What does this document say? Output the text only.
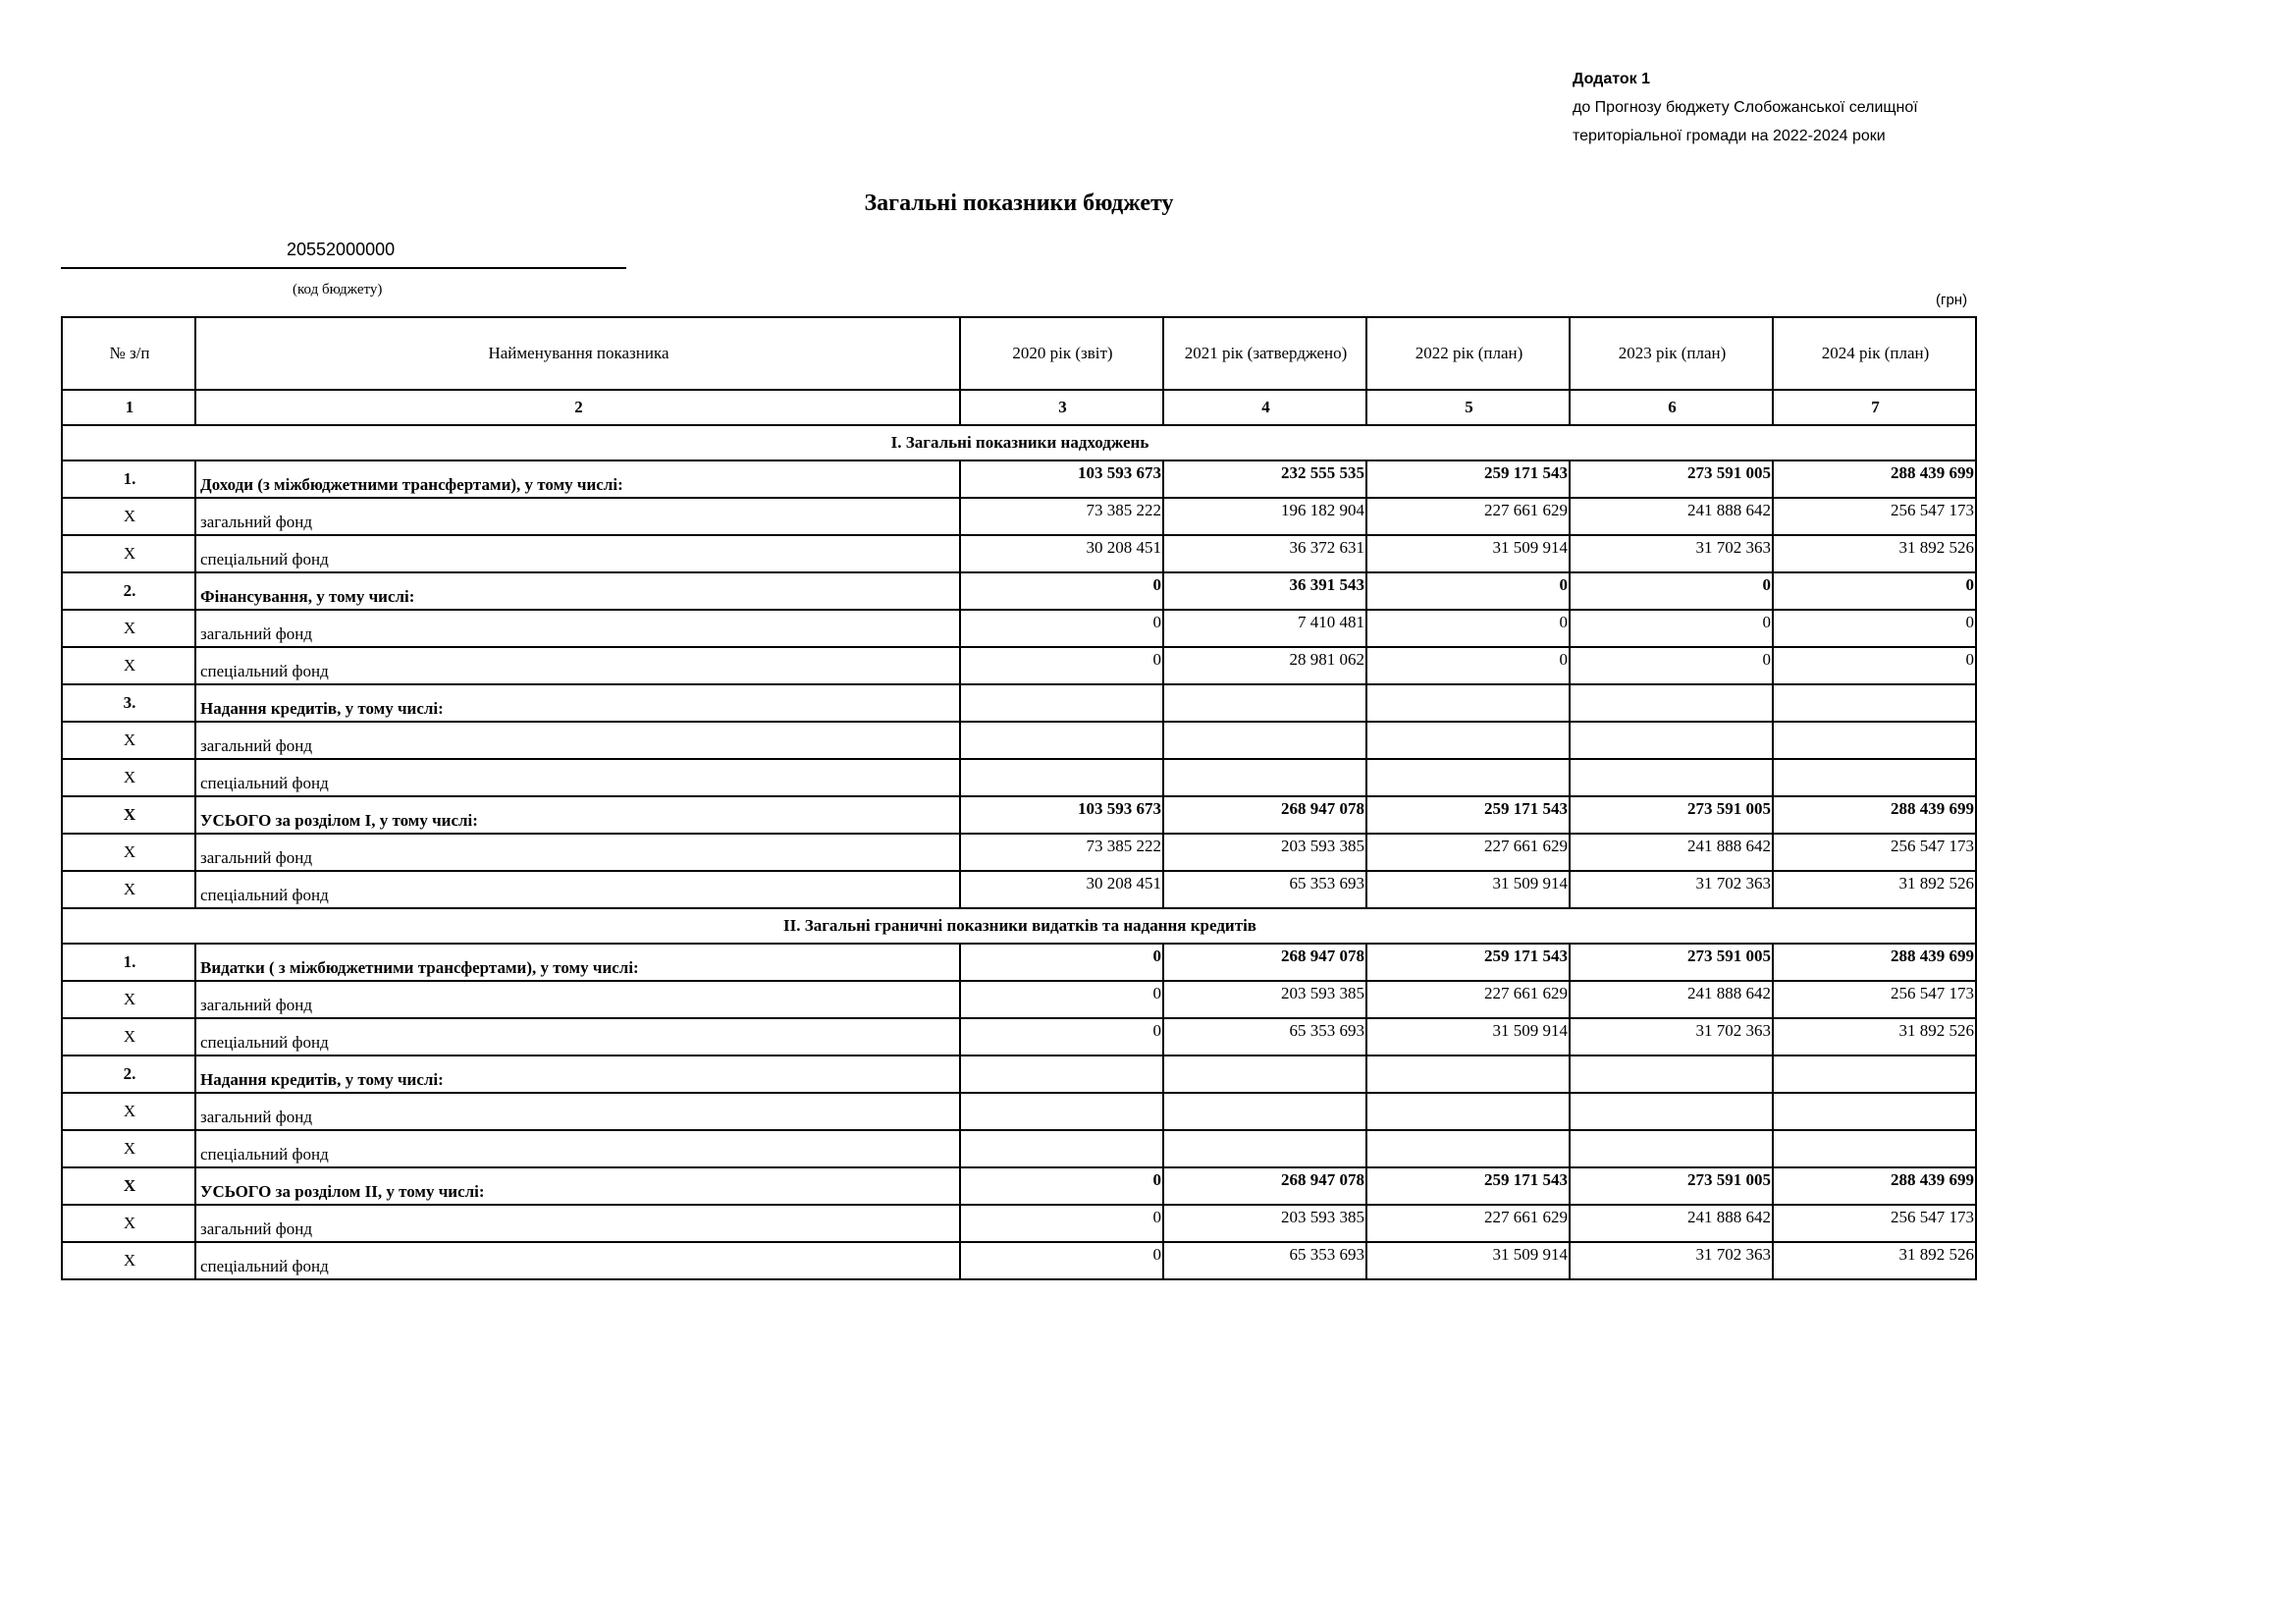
Додаток 1
до Прогнозу бюджету Слобожанської селищної
територіальної громади на 2022-2024 роки
Загальні показники бюджету
20552000000
(код бюджету)
(грн)
№ з/п	Найменування показника	2020 рік (звіт)	2021 рік (затверджено)	2022 рік (план)	2023 рік (план)	2024 рік (план)
1	2	3	4	5	6	7
І. Загальні показники надходжень						
1.	Доходи (з міжбюджетними трансфертами), у тому числі:	103 593 673	232 555 535	259 171 543	273 591 005	288 439 699
Х	загальний фонд	73 385 222	196 182 904	227 661 629	241 888 642	256 547 173
Х	спеціальний фонд	30 208 451	36 372 631	31 509 914	31 702 363	31 892 526
2.	Фінансування, у тому числі:	0	36 391 543	0	0	0
Х	загальний фонд	0	7 410 481	0	0	0
Х	спеціальний фонд	0	28 981 062	0	0	0
3.	Надання кредитів, у тому числі:					
Х	загальний фонд					
Х	спеціальний фонд					
Х	УСЬОГО за розділом І, у тому числі:	103 593 673	268 947 078	259 171 543	273 591 005	288 439 699
Х	загальний фонд	73 385 222	203 593 385	227 661 629	241 888 642	256 547 173
Х	спеціальний фонд	30 208 451	65 353 693	31 509 914	31 702 363	31 892 526
ІІ. Загальні граничні показники видатків та надання кредитів						
1.	Видатки ( з міжбюджетними трансфертами), у тому числі:	0	268 947 078	259 171 543	273 591 005	288 439 699
Х	загальний фонд	0	203 593 385	227 661 629	241 888 642	256 547 173
Х	спеціальний фонд	0	65 353 693	31 509 914	31 702 363	31 892 526
2.	Надання кредитів, у тому числі:					
Х	загальний фонд					
Х	спеціальний фонд					
Х	УСЬОГО за розділом ІІ, у тому числі:	0	268 947 078	259 171 543	273 591 005	288 439 699
Х	загальний фонд	0	203 593 385	227 661 629	241 888 642	256 547 173
Х	спеціальний фонд	0	65 353 693	31 509 914	31 702 363	31 892 526
